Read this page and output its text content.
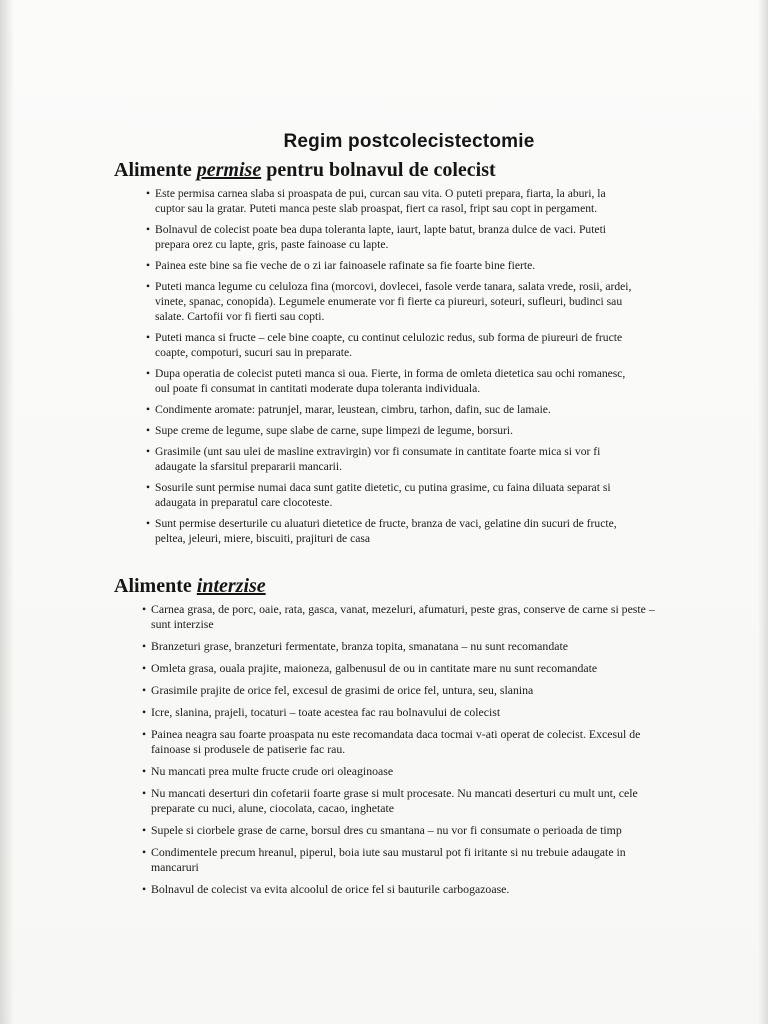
Regim postcolecistectomie
Alimente permise pentru bolnavul de colecist
• Este permisa carnea slaba si proaspata de pui, curcan sau vita. O puteti prepara, fiarta, la aburi, la cuptor sau la gratar. Puteti manca peste slab proaspat, fiert ca rasol, fript sau copt in pergament.
• Bolnavul de colecist poate bea dupa toleranta lapte, iaurt, lapte batut, branza dulce de vaci. Puteti prepara orez cu lapte, gris, paste fainoase cu lapte.
• Painea este bine sa fie veche de o zi iar fainoasele rafinate sa fie foarte bine fierte.
• Puteti manca legume cu celuloza fina (morcovi, dovlecei, fasole verde tanara, salata vrede, rosii, ardei, vinete, spanac, conopida). Legumele enumerate vor fi fierte ca piureuri, soteuri, sufleuri, budinci sau salate. Cartofii vor fi fierti sau copti.
• Puteti manca si fructe – cele bine coapte, cu continut celulozic redus, sub forma de piureuri de fructe coapte, compoturi, sucuri sau in preparate.
• Dupa operatia de colecist puteti manca si oua. Fierte, in forma de omleta dietetica sau ochi romanesc, oul poate fi consumat in cantitati moderate dupa toleranta individuala.
• Condimente aromate: patrunjel, marar, leustean, cimbru, tarhon, dafin, suc de lamaie.
• Supe creme de legume, supe slabe de carne, supe limpezi de legume, borsuri.
• Grasimile (unt sau ulei de masline extravirgin) vor fi consumate in cantitate foarte mica si vor fi adaugate la sfarsitul prepararii mancarii.
• Sosurile sunt permise numai daca sunt gatite dietetic, cu putina grasime, cu faina diluata separat si adaugata in preparatul care clocoteste.
• Sunt permise deserturile cu aluaturi dietetice de fructe, branza de vaci, gelatine din sucuri de fructe, peltea, jeleuri, miere, biscuiti, prajituri de casa
Alimente interzise
• Carnea grasa, de porc, oaie, rata, gasca, vanat, mezeluri, afumaturi, peste gras, conserve de carne si peste – sunt interzise
• Branzeturi grase, branzeturi fermentate, branza topita, smanatana – nu sunt recomandate
• Omleta grasa, ouala prajite, maioneza, galbenusul de ou in cantitate mare nu sunt recomandate
• Grasimile prajite de orice fel, excesul de grasimi de orice fel, untura, seu, slanina
• Icre, slanina, prajeli, tocaturi – toate acestea fac rau bolnavului de colecist
• Painea neagra sau foarte proaspata nu este recomandata daca tocmai v-ati operat de colecist. Excesul de fainoase si produsele de patiserie fac rau.
• Nu mancati prea multe fructe crude ori oleaginoase
• Nu mancati deserturi din cofetarii foarte grase si mult procesate. Nu mancati deserturi cu mult unt, cele preparate cu nuci, alune, ciocolata, cacao, inghetate
• Supele si ciorbele grase de carne, borsul dres cu smantana – nu vor fi consumate o perioada de timp
• Condimentele precum hreanul, piperul, boia iute sau mustarul pot fi iritante si nu trebuie adaugate in mancaruri
• Bolnavul de colecist va evita alcoolul de orice fel si bauturile carbogazoase.
